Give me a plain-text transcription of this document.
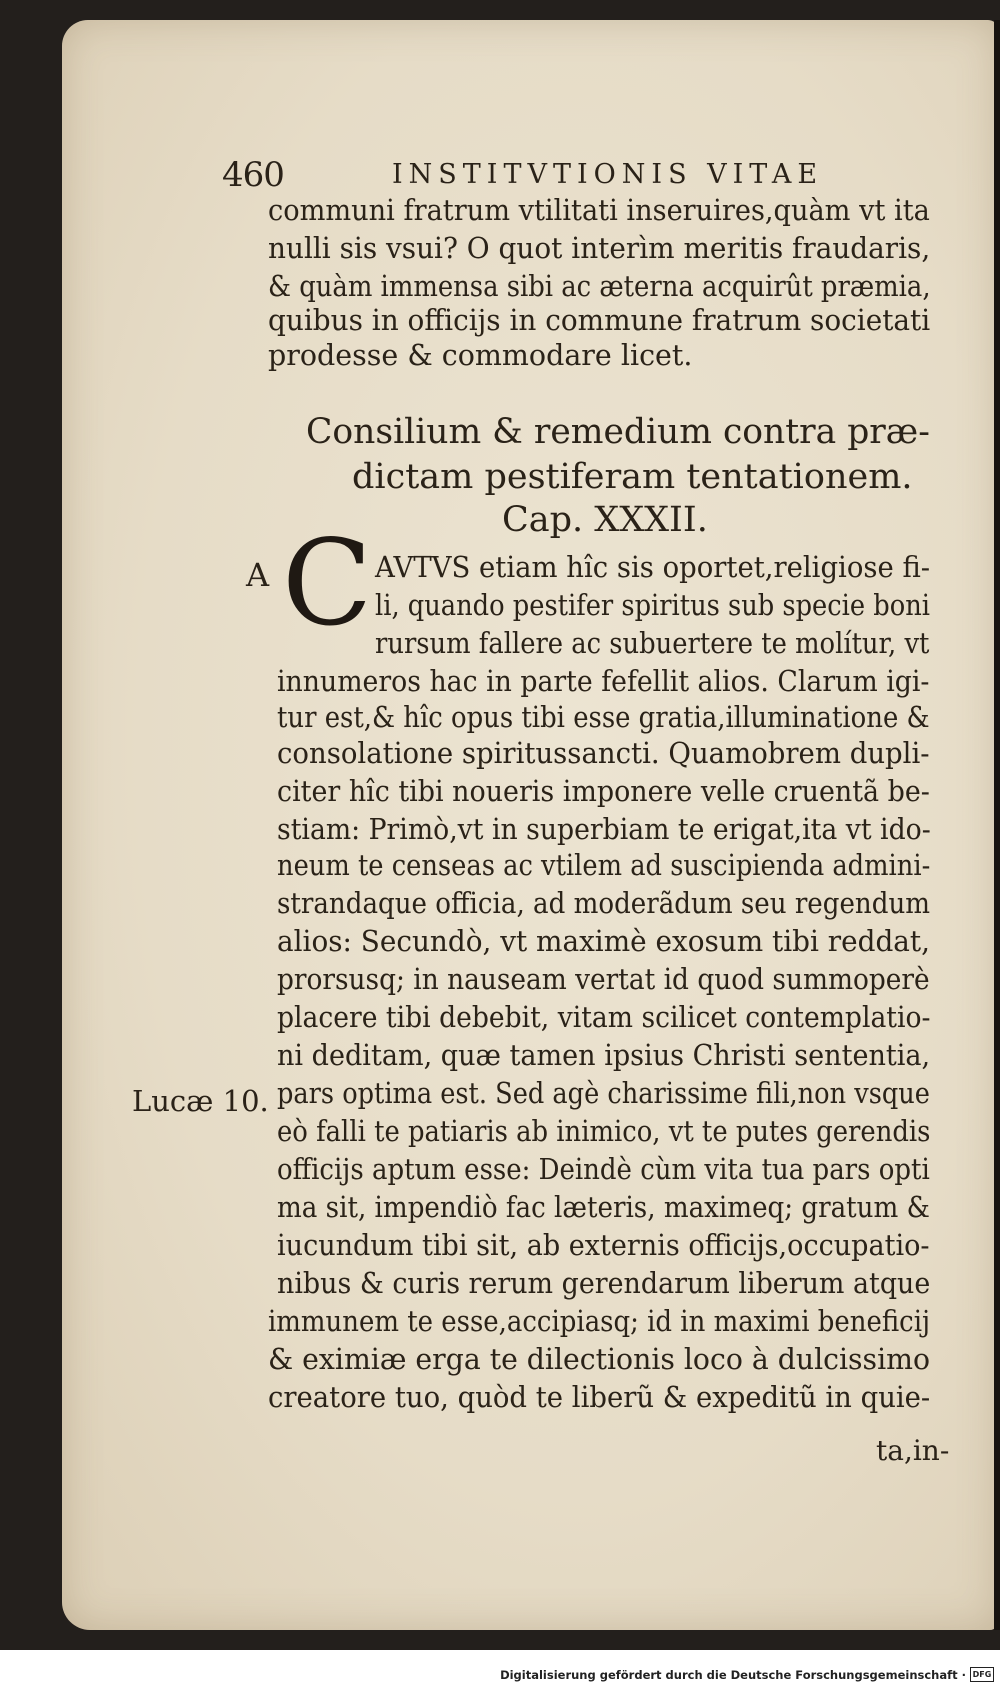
460	INSTITVTIONIS VITAE
communi fratrum vtilitati inseruires,quàm vt ita
nulli sis vsui? O quot interìm meritis fraudaris,
& quàm immensa sibi ac æterna acquirût præmia,
quibus in officijs in commune fratrum societati
prodesse & commodare licet.
Consilium & remedium contra præ-
dictam pestiferam tentationem.
Cap. XXXII.
A C AVTVS etiam hîc sis oportet,religiose fi-
li, quando pestifer spiritus sub specie boni
rursum fallere ac subuertere te molítur, vt
innumeros hac in parte fefellit alios. Clarum igi-
tur est,& hîc opus tibi esse gratia,illuminatione &
consolatione spiritussancti. Quamobrem dupli-
citer hîc tibi noueris imponere velle cruentã be-
stiam: Primò,vt in superbiam te erigat,ita vt ido-
neum te censeas ac vtilem ad suscipienda admini-
strandaque officia, ad moderãdum seu regendum
alios: Secundò, vt maximè exosum tibi reddat,
prorsusq; in nauseam vertat id quod summoperè
placere tibi debebit, vitam scilicet contemplatio-
ni deditam, quæ tamen ipsius Christi sententia,
pars optima est. Sed agè charissime fili,non vsque
eò falli te patiaris ab inimico, vt te putes gerendis
officijs aptum esse: Deindè cùm vita tua pars opti
ma sit, impendiò fac læteris, maximeq; gratum &
iucundum tibi sit, ab externis officijs,occupatio-
nibus & curis rerum gerendarum liberum atque
immunem te esse,accipiasq; id in maximi beneficij
& eximiæ erga te dilectionis loco à dulcissimo
creatore tuo, quòd te liberũ & expeditũ in quie-
Lucæ 10.
ta,in-
Digitalisierung gefördert durch die Deutsche Forschungsgemeinschaft · DFG
